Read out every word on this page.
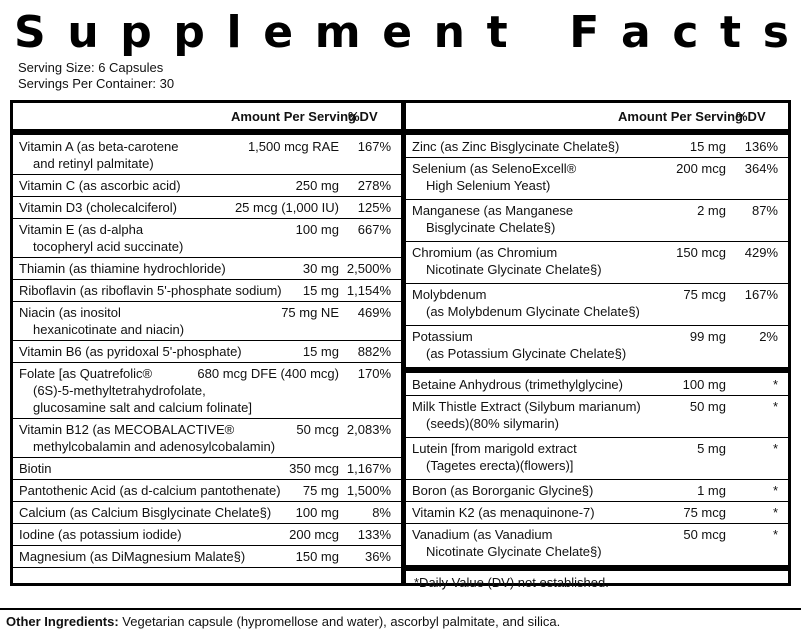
S u p p l e m e n t F a c t s
Serving Size: 6 Capsules
Servings Per Container: 30
Amount Per Serving
%DV
Vitamin A (as beta-carotene
and retinyl palmitate)
1,500 mcg RAE 167%
Vitamin C (as ascorbic acid)	250 mg 278%
Vitamin D3 (cholecalciferol)	25 mcg (1,000 IU) 125%
Vitamin E (as d-alpha
tocopheryl acid succinate)
100 mg 667%
Thiamin (as thiamine hydrochloride)	30 mg 2,500%
Riboflavin (as riboflavin 5'-phosphate sodium) 15 mg 1,154%
Niacin (as inositol
hexanicotinate and niacin)
75 mg NE 469%
Vitamin B6 (as pyridoxal 5'-phosphate)	15 mg 882%
Folate [as Quatrefolic®
(6S)-5-methyltetrahydrofolate,
glucosamine salt and calcium folinate]
680 mcg DFE (400 mcg) 170%
Vitamin B12 (as MECOBALACTIVE®
methylcobalamin and adenosylcobalamin)
50 mcg 2,083%
Biotin	350 mcg 1,167%
Pantothenic Acid (as d-calcium pantothenate) 75 mg 1,500%
Calcium (as Calcium Bisglycinate Chelate§) 100 mg	8%
Iodine (as potassium iodide)	200 mcg 133%
Magnesium (as DiMagnesium Malate§)	150 mg 36%
Amount Per Serving
%DV
Zinc (as Zinc Bisglycinate Chelate§)	15 mg 136%
Selenium (as SelenoExcell®
High Selenium Yeast)
200 mcg 364%
Manganese (as Manganese
Bisglycinate Chelate§)
2 mg 87%
Chromium (as Chromium
Nicotinate Glycinate Chelate§)
150 mcg 429%
Molybdenum
(as Molybdenum Glycinate Chelate§)
75 mcg 167%
Potassium
(as Potassium Glycinate Chelate§)
99 mg	2%
Betaine Anhydrous (trimethylglycine)	100 mg	*
Milk Thistle Extract (Silybum marianum)
(seeds)(80% silymarin)
50 mg	*
Lutein [from marigold extract
(Tagetes erecta)(flowers)]
5 mg	*
Boron (as Bororganic Glycine§)	1 mg	*
Vitamin K2 (as menaquinone-7)	75 mcg	*
Vanadium (as Vanadium
Nicotinate Glycinate Chelate§)
50 mcg	*
*Daily Value (DV) not established.
Other Ingredients: Vegetarian capsule (hypromellose and water), ascorbyl palmitate, and silica.
